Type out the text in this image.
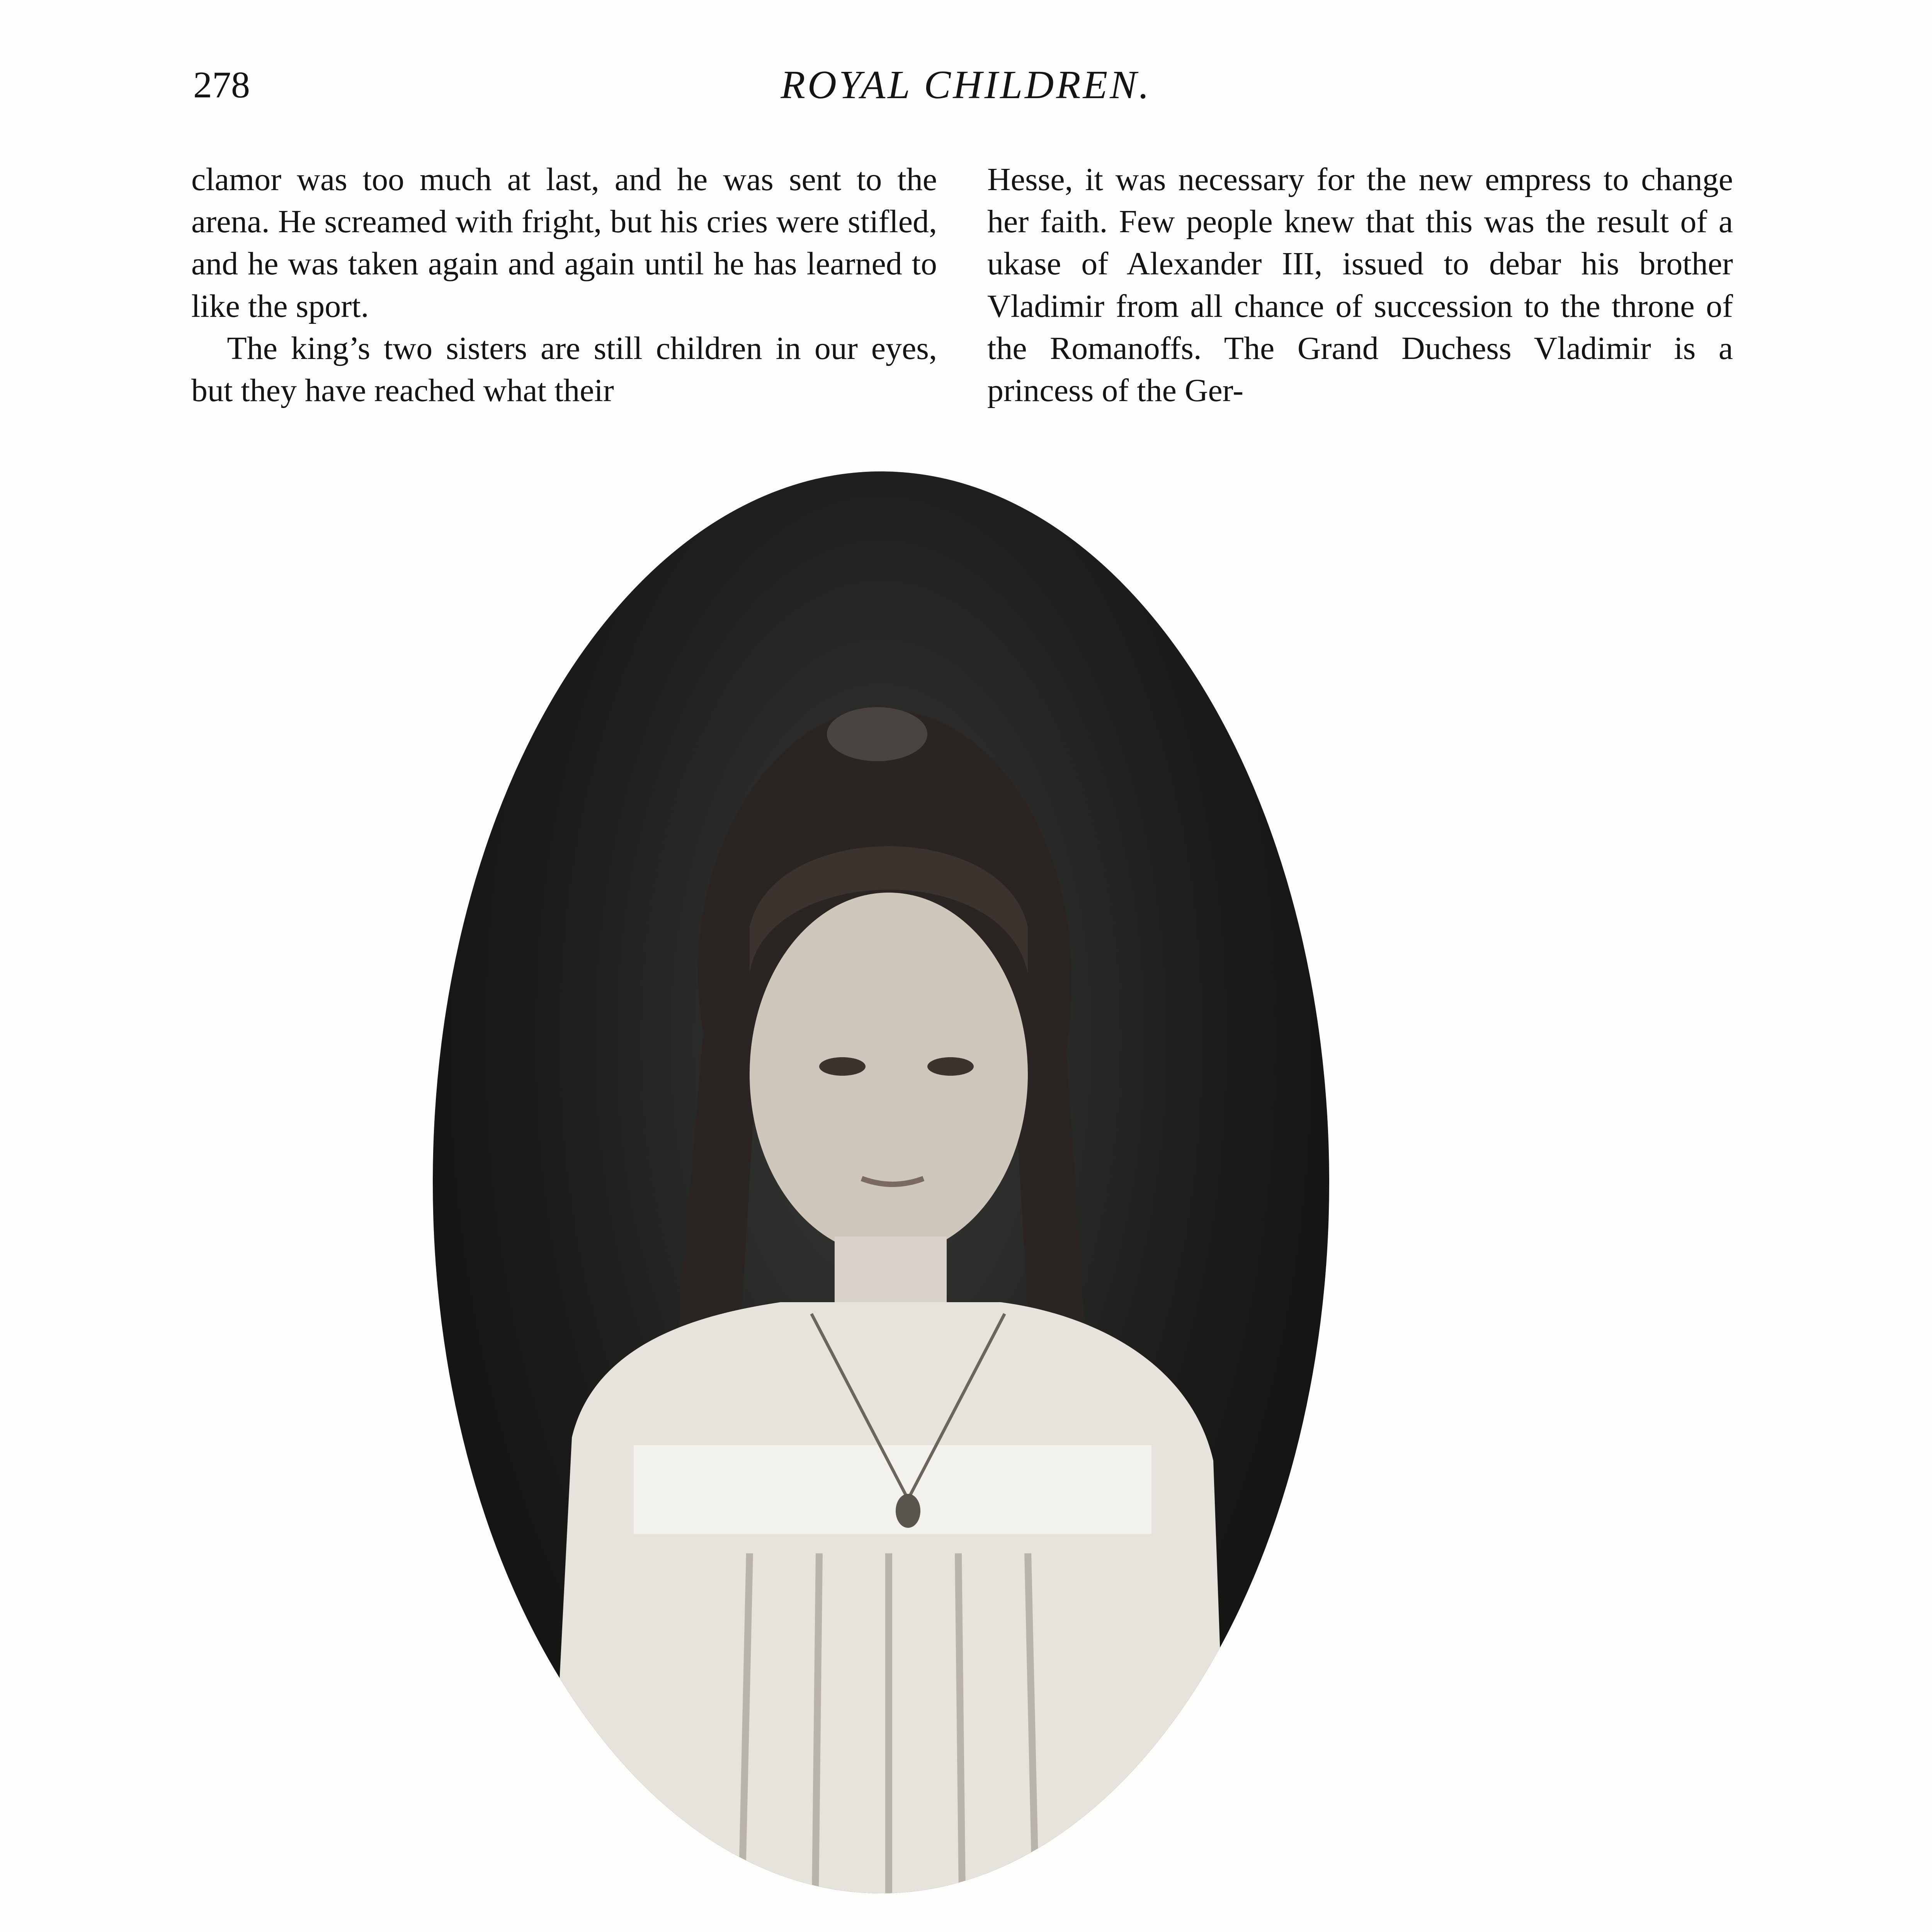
278	ROYAL CHILDREN.

clamor was too much at last, and he was sent to the arena. He screamed with fright, but his cries were stifled, and he was taken again and again until he has learned to like the sport.

The king’s two sisters are still children in our eyes, but they have reached what their

Hesse, it was necessary for the new empress to change her faith. Few people knew that this was the result of a ukase of Alexander III, issued to debar his brother Vladimir from all chance of succession to the throne of the Romanoffs. The Grand Duchess Vladimir is a princess of the Ger-
